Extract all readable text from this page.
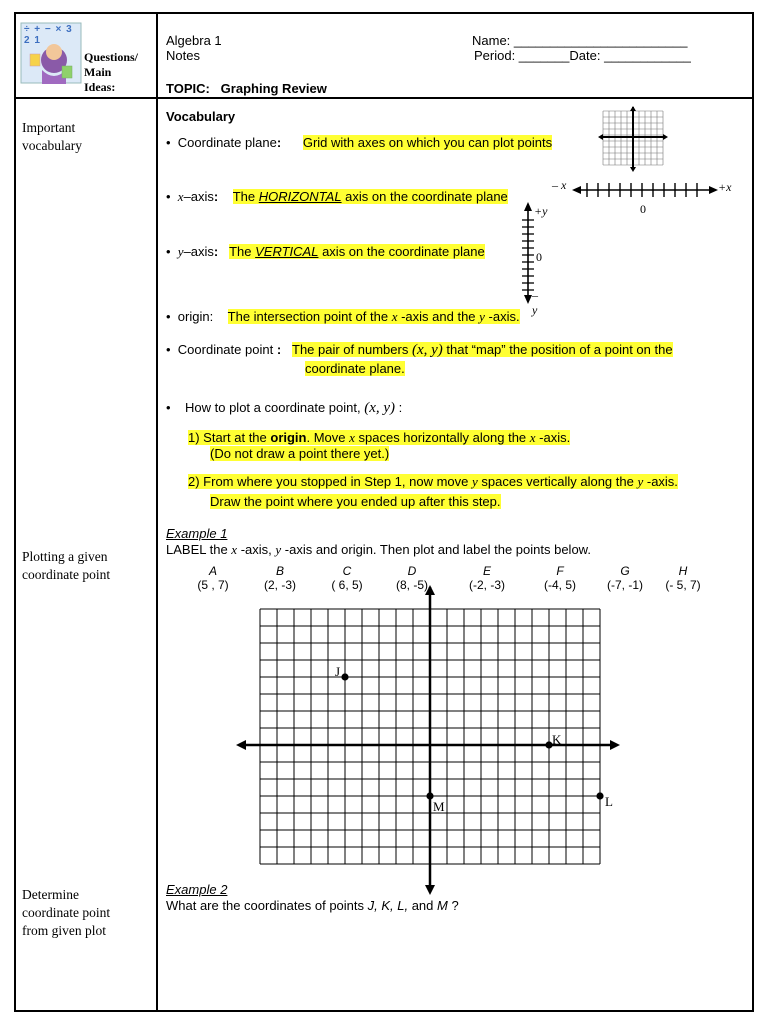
÷ + − × 3 2 1
Questions/
Main
Ideas:
Algebra 1
Notes
Name: ________________________
Period: _______Date: ____________
TOPIC: Graphing Review
Important
vocabulary
Plotting a given
coordinate point
Determine
coordinate point
from given plot
Vocabulary
•  Coordinate plane: Grid with axes on which you can plot points
•  x–axis: The HORIZONTAL axis on the coordinate plane
– x	+x
0
•  y–axis: The VERTICAL axis on the coordinate plane
+y
0
– y
•  origin: The intersection point of the x -axis and the y -axis.
•  Coordinate point : The pair of numbers (x, y) that “map” the position of a point on the
coordinate plane.
•    How to plot a coordinate point, (x, y) :
1) Start at the origin. Move x spaces horizontally along the x -axis.
(Do not draw a point there yet.)
2) From where you stopped in Step 1, now move y spaces vertically along the y -axis.
Draw the point where you ended up after this step.
Example 1
LABEL the x -axis, y -axis and origin. Then plot and label the points below.
A
(5 , 7)
B
(2, -3)
C
( 6, 5)
D
(8, -5)
E
(-2, -3)
F
(-4, 5)
G
(-7, -1)
H
(- 5, 7)
J
K
L
M
Example 2
What are the coordinates of points J, K, L, and M ?
